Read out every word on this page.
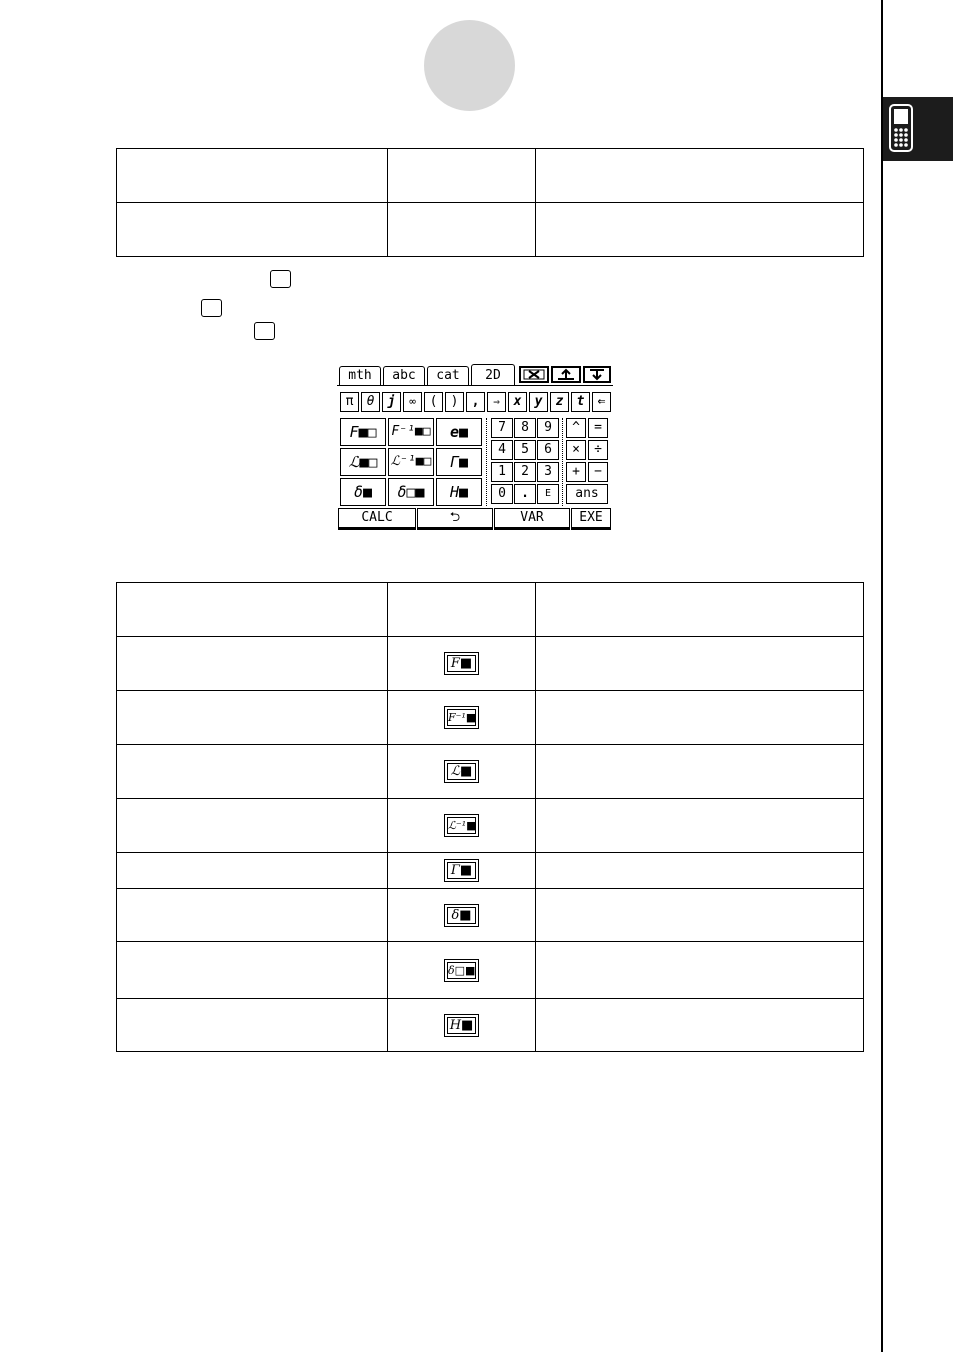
mth	abc	cat	2D
π	θ	j	∞	(	)	,	⇒	x	y	z	t	⇐
F■□	F⁻¹■□	e■
ℒ■□	ℒ⁻¹■□	Γ■
δ■	δ□■	H■
7	8	9
4	5	6
1	2	3
0	.	E
^	=
×	÷
+	−
ans
CALC	⮌	VAR	EXE

	F■	

	F⁻¹■	

	ℒ■	

	ℒ⁻¹■	

	Γ■	

	δ■	

	δ□■	

	H■	
